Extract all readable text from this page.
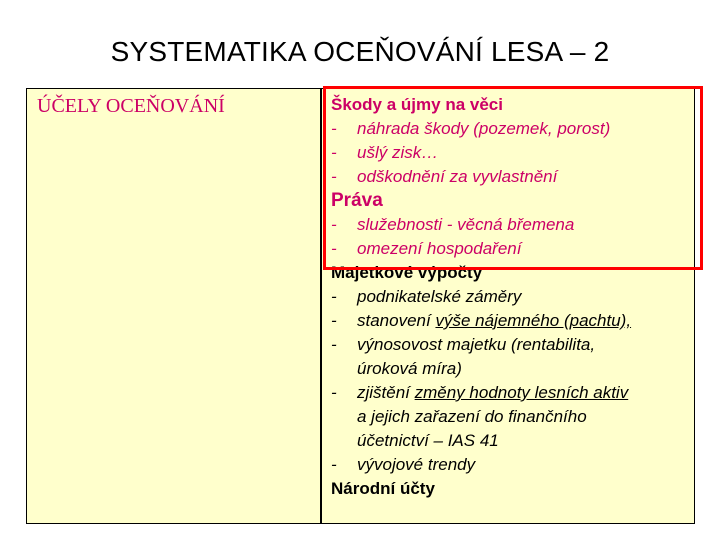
SYSTEMATIKA OCEŇOVÁNÍ LESA – 2
ÚČELY OCEŇOVÁNÍ	Škody a újmy na věci
- náhrada škody (pozemek, porost)
- ušlý zisk…
- odškodnění za vyvlastnění
Práva
- služebnosti - věcná břemena
- omezení hospodaření
Majetkové výpočty
- podnikatelské záměry
- stanovení výše nájemného (pachtu),
- výnosovost majetku (rentabilita,
úroková míra)
- zjištění změny hodnoty lesních aktiv
a jejich zařazení do finančního
účetnictví – IAS 41
- vývojové trendy
Národní účty
